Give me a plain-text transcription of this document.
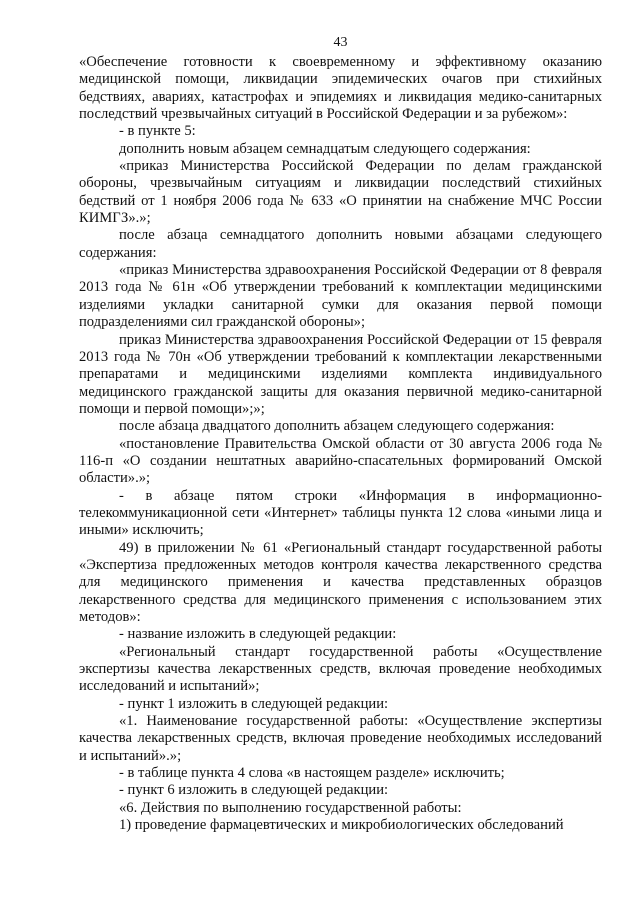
43

«Обеспечение готовности к своевременному и эффективному оказанию медицинской помощи, ликвидации эпидемических очагов при стихийных бедствиях, авариях, катастрофах и эпидемиях и ликвидация медико-санитарных последствий чрезвычайных ситуаций в Российской Федерации и за рубежом»:

- в пункте 5:

дополнить новым абзацем семнадцатым следующего содержания:

«приказ Министерства Российской Федерации по делам гражданской обороны, чрезвычайным ситуациям и ликвидации последствий стихийных бедствий от 1 ноября 2006 года № 633 «О принятии на снабжение МЧС России КИМГЗ».»;

после абзаца семнадцатого дополнить новыми абзацами следующего содержания:

«приказ Министерства здравоохранения Российской Федерации от 8 февраля 2013 года № 61н «Об утверждении требований к комплектации медицинскими изделиями укладки санитарной сумки для оказания первой помощи подразделениями сил гражданской обороны»;

приказ Министерства здравоохранения Российской Федерации от 15 февраля 2013 года № 70н «Об утверждении требований к комплектации лекарственными препаратами и медицинскими изделиями комплекта индивидуального медицинского гражданской защиты для оказания первичной медико-санитарной помощи и первой помощи»;»;

после абзаца двадцатого дополнить абзацем следующего содержания:

«постановление Правительства Омской области от 30 августа 2006 года № 116-п «О создании нештатных аварийно-спасательных формирований Омской области».»;

- в абзаце пятом строки «Информация в информационно-телекоммуникационной сети «Интернет» таблицы пункта 12 слова «иными лица и иными» исключить;

49) в приложении № 61 «Региональный стандарт государственной работы «Экспертиза предложенных методов контроля качества лекарственного средства для медицинского применения и качества представленных образцов лекарственного средства для медицинского применения с использованием этих методов»:

- название изложить в следующей редакции:

«Региональный стандарт государственной работы «Осуществление экспертизы качества лекарственных средств, включая проведение необходимых исследований и испытаний»;

- пункт 1 изложить в следующей редакции:

«1. Наименование государственной работы: «Осуществление экспертизы качества лекарственных средств, включая проведение необходимых исследований и испытаний».»;

- в таблице пункта 4 слова «в настоящем разделе» исключить;

- пункт 6 изложить в следующей редакции:

«6. Действия по выполнению государственной работы:

1) проведение фармацевтических и микробиологических обследований
